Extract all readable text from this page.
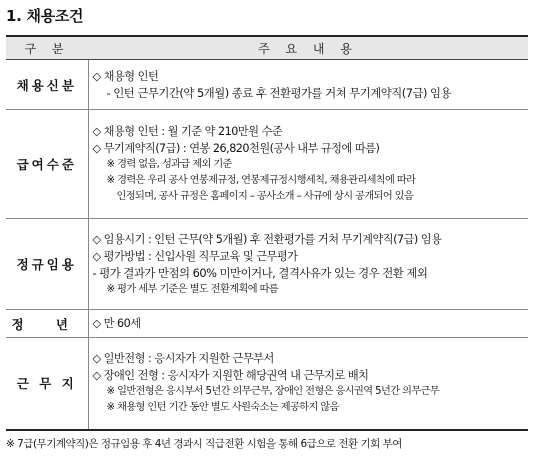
1. 채용조건
구 분	주 요 내 용
채용신분	◇ 채용형 인턴
- 인턴 근무기간(약 5개월) 종료 후 전환평가를 거쳐 무기계약직(7급) 임용

급여수준	◇ 채용형 인턴 : 월 기준 약 210만원 수준
◇ 무기계약직(7급) : 연봉 26,820천원(공사 내부 규정에 따름)
※ 경력 없음, 성과급 제외 기준
※ 경력은 우리 공사 연봉제규정, 연봉제규정시행세칙, 채용관리세칙에 따라
인정되며, 공사 규정은 홈페이지 – 공사소개 – 사규에 상시 공개되어 있음

정규임용	◇ 임용시기 : 인턴 근무(약 5개월) 후 전환평가를 거쳐 무기계약직(7급) 임용
◇ 평가방법 : 신입사원 직무교육 및 근무평가
- 평가 결과가 만점의 60% 미만이거나, 결격사유가 있는 경우 전환 제외
※ 평가 세부 기준은 별도 전환계획에 따름

정 년	◇ 만 60세

근 무 지	◇ 일반전형 : 응시자가 지원한 근무부서
◇ 장애인 전형 : 응시자가 지원한 해당권역 내 근무지로 배치
※ 일반전형은 응시부서 5년간 의무근무, 장애인 전형은 응시권역 5년간 의무근무
※ 채용형 인턴 기간 동안 별도 사원숙소는 제공하지 않음
※ 7급(무기계약직)은 정규임용 후 4년 경과시 직급전환 시험을 통해 6급으로 전환 기회 부여
